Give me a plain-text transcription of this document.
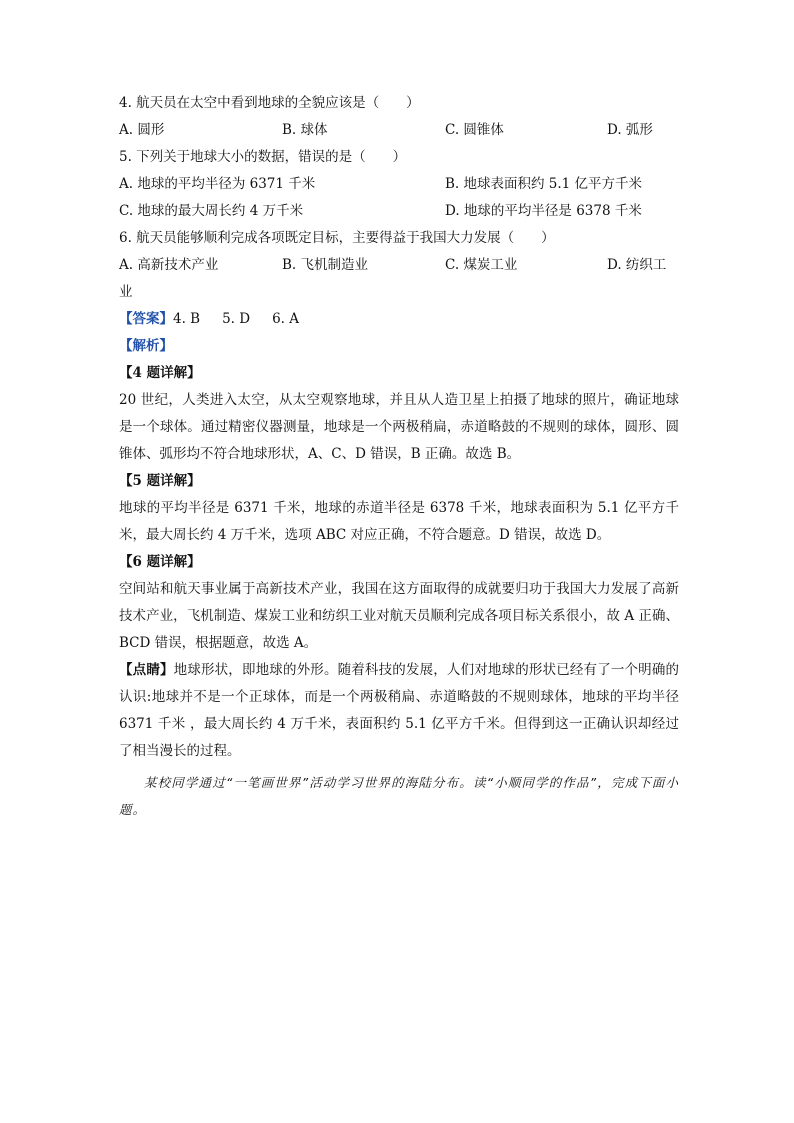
4. 航天员在太空中看到地球的全貌应该是（　　）
A. 圆形	B. 球体	C. 圆锥体	D. 弧形
5. 下列关于地球大小的数据，错误的是（　　）
A. 地球的平均半径为 6371 千米	B. 地球表面积约 5.1 亿平方千米
C. 地球的最大周长约 4 万千米	D. 地球的平均半径是 6378 千米
6. 航天员能够顺利完成各项既定目标，主要得益于我国大力发展（　　）
A. 高新技术产业	B. 飞机制造业	C. 煤炭工业	D. 纺织工
业
【答案】4. B 5. D 6. A
【解析】
【4 题详解】
20 世纪，人类进入太空，从太空观察地球，并且从人造卫星上拍摄了地球的照片，确证地球是一个球体。通过精密仪器测量，地球是一个两极稍扁，赤道略鼓的不规则的球体，圆形、圆锥体、弧形均不符合地球形状，A、C、D 错误，B 正确。故选 B。
【5 题详解】
地球的平均半径是 6371 千米，地球的赤道半径是 6378 千米，地球表面积为 5.1 亿平方千米，最大周长约 4 万千米，选项 ABC 对应正确，不符合题意。D 错误，故选 D。
【6 题详解】
空间站和航天事业属于高新技术产业，我国在这方面取得的成就要归功于我国大力发展了高新技术产业，飞机制造、煤炭工业和纺织工业对航天员顺利完成各项目标关系很小，故 A 正确、BCD 错误，根据题意，故选 A。
【点睛】地球形状，即地球的外形。随着科技的发展，人们对地球的形状已经有了一个明确的认识:地球并不是一个正球体，而是一个两极稍扁、赤道略鼓的不规则球体，地球的平均半径 6371 千米 ，最大周长约 4 万千米，表面积约 5.1 亿平方千米。但得到这一正确认识却经过了相当漫长的过程。
某校同学通过“一笔画世界”活动学习世界的海陆分布。读“小顺同学的作品”，完成下面小题。
